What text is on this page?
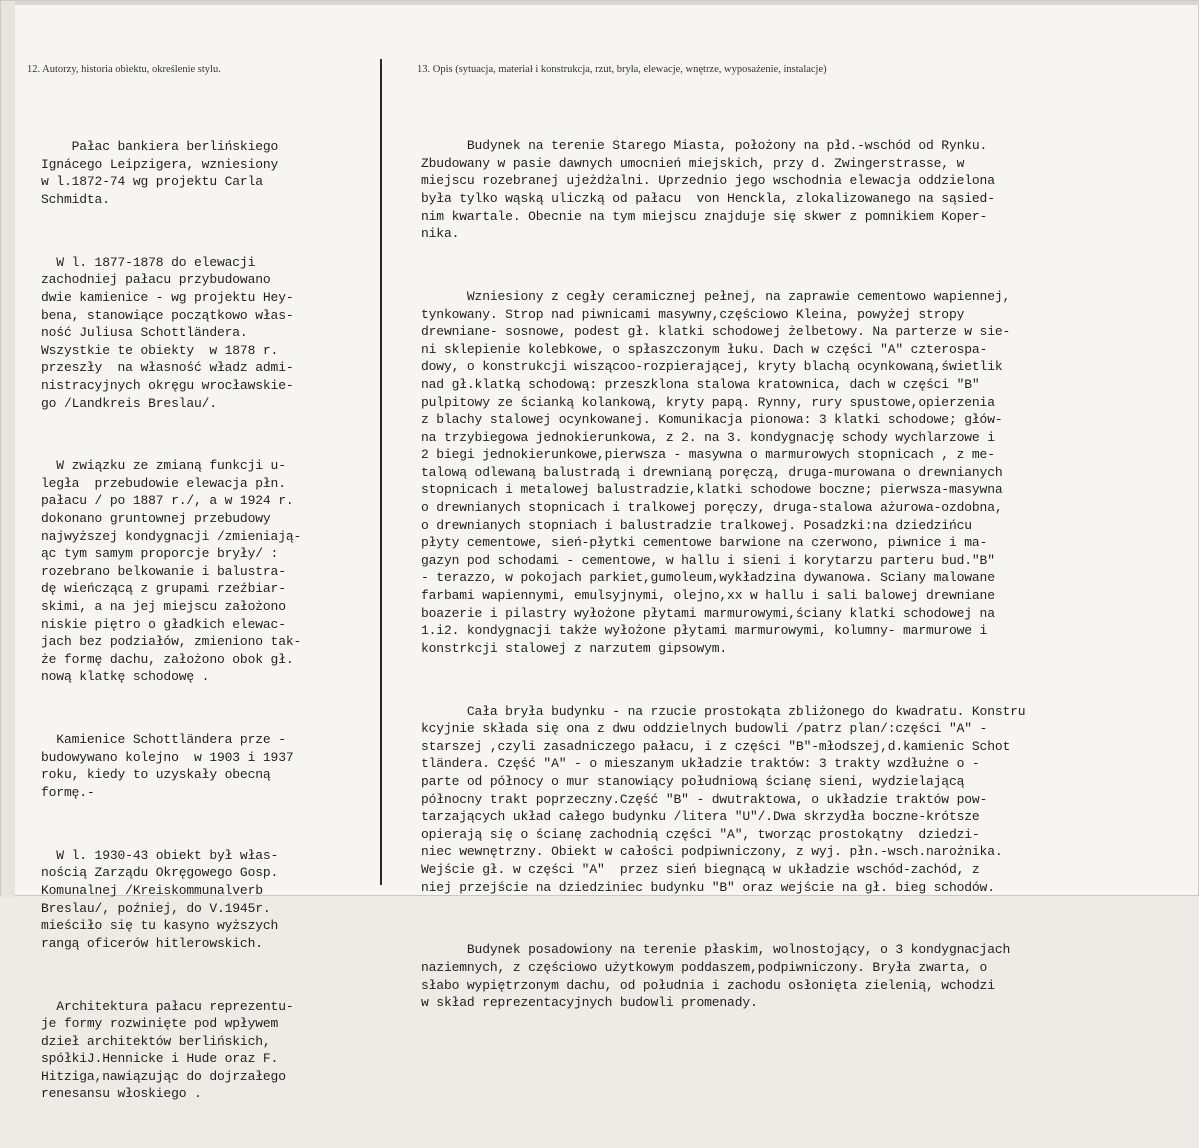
12. Autorzy, historia obiektu, określenie stylu.	13. Opis (sytuacja, materiał i konstrukcja, rzut, bryła, elewacje, wnętrze, wyposażenie, instalacje)

Pałac bankiera berlińskiego
Ignácego Leipzigera, wzniesiony
w l.1872-74 wg projektu Carla
Schmidta.

W l. 1877-1878 do elewacji
zachodniej pałacu przybudowano
dwie kamienice - wg projektu Hey-
bena, stanowiące początkowo włas-
ność Juliusa Schottländera.
Wszystkie te obiekty  w 1878 r.
przeszły  na własność władz admi-
nistracyjnych okręgu wrocławskie-
go /Landkreis Breslau/.

W związku ze zmianą funkcji u-
legła  przebudowie elewacja płn.
pałacu / po 1887 r./, a w 1924 r.
dokonano gruntownej przebudowy
najwyższej kondygnacji /zmieniają-
ąc tym samym proporcje bryły/ :
rozebrano belkowanie i balustra-
dę wieńczącą z grupami rzeźbiar-
skimi, a na jej miejscu założono
niskie piętro o gładkich elewac-
jach bez podziałów, zmieniono tak-
że formę dachu, założono obok gł.
nową klatkę schodowę .

Kamienice Schottländera prze -
budowywano kolejno  w 1903 i 1937
roku, kiedy to uzyskały obecną
formę.-

W l. 1930-43 obiekt był włas-
nością Zarządu Okręgowego Gosp.
Komunalnej /Kreiskommunalverb
Breslau/, poźniej, do V.1945r.
mieściło się tu kasyno wyższych
rangą oficerów hitlerowskich.

Architektura pałacu reprezentu-
je formy rozwinięte pod wpływem
dzieł architektów berlińskich,
spółkiJ.Hennicke i Hude oraz F.
Hitziga,nawiązując do dojrzałego
renesansu włoskiego .

Budynek na terenie Starego Miasta, położony na płd.-wschód od Rynku.
Zbudowany w pasie dawnych umocnień miejskich, przy d. Zwingerstrasse, w
miejscu rozebranej ujeżdżalni. Uprzednio jego wschodnia elewacja oddzielona
była tylko wąską uliczką od pałacu  von Henckla, zlokalizowanego na sąsied-
nim kwartale. Obecnie na tym miejscu znajduje się skwer z pomnikiem Koper-
nika.

Wzniesiony z cegły ceramicznej pełnej, na zaprawie cementowo wapiennej,
tynkowany. Strop nad piwnicami masywny,częściowo Kleina, powyżej stropy
drewniane- sosnowe, podest gł. klatki schodowej żelbetowy. Na parterze w sie-
ni sklepienie kolebkowe, o spłaszczonym łuku. Dach w części "A" czterospa-
dowy, o konstrukcji wiszącoo-rozpierającej, kryty blachą ocynkowaną,świetlik
nad gł.klatką schodową: przeszklona stalowa kratownica, dach w części "B"
pulpitowy ze ścianką kolankową, kryty papą. Rynny, rury spustowe,opierzenia
z blachy stalowej ocynkowanej. Komunikacja pionowa: 3 klatki schodowe; głów-
na trzybiegowa jednokierunkowa, z 2. na 3. kondygnację schody wychlarzowe i
2 biegi jednokierunkowe,pierwsza - masywna o marmurowych stopnicach , z me-
talową odlewaną balustradą i drewnianą poręczą, druga-murowana o drewnianych
stopnicach i metalowej balustradzie,klatki schodowe boczne; pierwsza-masywna
o drewnianych stopnicach i tralkowej poręczy, druga-stalowa ażurowa-ozdobna,
o drewnianych stopniach i balustradzie tralkowej. Posadzki:na dziedzińcu
płyty cementowe, sień-płytki cementowe barwione na czerwono, piwnice i ma-
gazyn pod schodami - cementowe, w hallu i sieni i korytarzu parteru bud."B"
- terazzo, w pokojach parkiet,gumoleum,wykładzina dywanowa. Sciany malowane
farbami wapiennymi, emulsyjnymi, olejno,xx w hallu i sali balowej drewniane
boazerie i pilastry wyłożone płytami marmurowymi,ściany klatki schodowej na
1.i2. kondygnacji także wyłożone płytami marmurowymi, kolumny- marmurowe i
konstrkcji stalowej z narzutem gipsowym.

Cała bryła budynku - na rzucie prostokąta zbliżonego do kwadratu. Konstru
kcyjnie składa się ona z dwu oddzielnych budowli /patrz plan/:części "A" -
starszej ,czyli zasadniczego pałacu, i z części "B"-młodszej,d.kamienic Schot
tländera. Część "A" - o mieszanym układzie traktów: 3 trakty wzdłużne o -
parte od północy o mur stanowiący południową ścianę sieni, wydzielającą
północny trakt poprzeczny.Część "B" - dwutraktowa, o układzie traktów pow-
tarzających układ całego budynku /litera "U"/.Dwa skrzydła boczne-krótsze
opierają się o ścianę zachodnią części "A", tworząc prostokątny  dziedzi-
niec wewnętrzny. Obiekt w całości podpiwniczony, z wyj. płn.-wsch.narożnika.
Wejście gł. w części "A"  przez sień biegnącą w układzie wschód-zachód, z
niej przejście na dziedziniec budynku "B" oraz wejście na gł. bieg schodów.

Budynek posadowiony na terenie płaskim, wolnostojący, o 3 kondygnacjach
naziemnych, z częściowo użytkowym poddaszem,podpiwniczony. Bryła zwarta, o
słabo wypiętrzonym dachu, od południa i zachodu osłonięta zielenią, wchodzi
w skład reprezentacyjnych budowli promenady.
